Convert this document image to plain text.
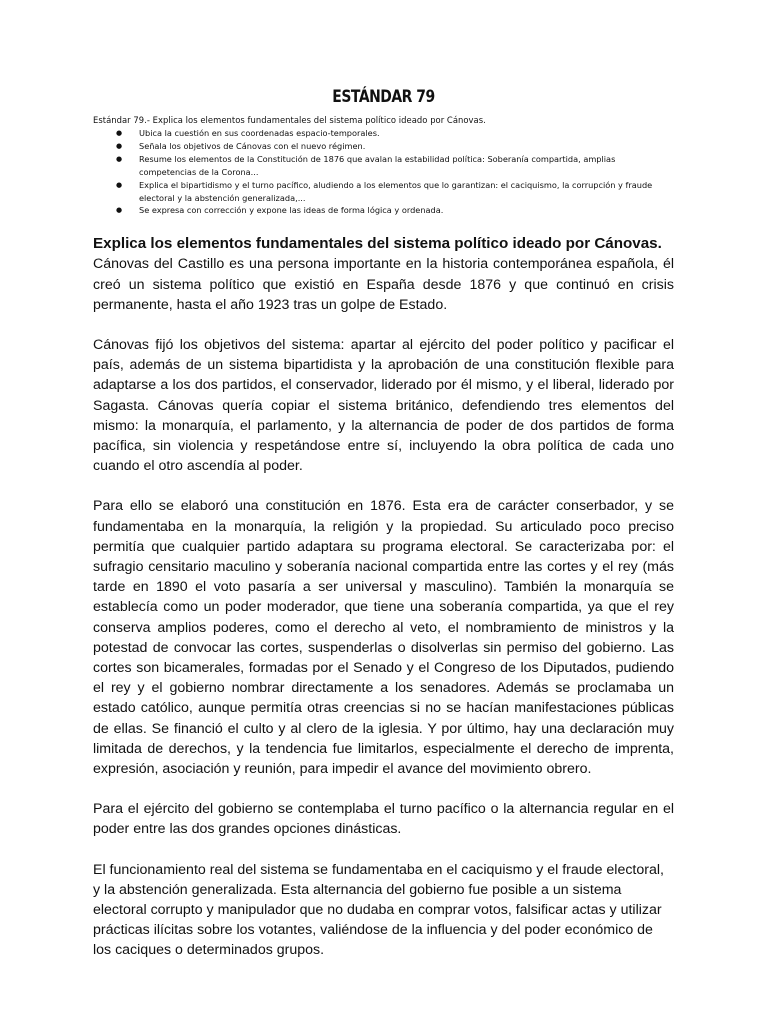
ESTÁNDAR 79

Estándar 79.- Explica los elementos fundamentales del sistema político ideado por Cánovas.

● Ubica la cuestión en sus coordenadas espacio-temporales.
● Señala los objetivos de Cánovas con el nuevo régimen.
● Resume los elementos de la Constitución de 1876 que avalan la estabilidad política: Soberanía compartida, amplias competencias de la Corona...
● Explica el bipartidismo y el turno pacífico, aludiendo a los elementos que lo garantizan: el caciquismo, la corrupción y fraude electoral y la abstención generalizada,...
● Se expresa con corrección y expone las ideas de forma lógica y ordenada.
Explica los elementos fundamentales del sistema político ideado por Cánovas.

Cánovas del Castillo es una persona importante en la historia contemporánea española, él creó un sistema político que existió en España desde 1876 y que continuó en crisis permanente, hasta el año 1923 tras un golpe de Estado.

Cánovas fijó los objetivos del sistema: apartar al ejército del poder político y pacificar el país, además de un sistema bipartidista y la aprobación de una constitución flexible para adaptarse a los dos partidos, el conservador, liderado por él mismo, y el liberal, liderado por Sagasta. Cánovas quería copiar el sistema británico, defendiendo tres elementos del mismo: la monarquía, el parlamento, y la alternancia de poder de dos partidos de forma pacífica, sin violencia y respetándose entre sí, incluyendo la obra política de cada uno cuando el otro ascendía al poder.

Para ello se elaboró una constitución en 1876. Esta era de carácter conserbador, y se fundamentaba en la monarquía, la religión y la propiedad. Su articulado poco preciso permitía que cualquier partido adaptara su programa electoral. Se caracterizaba por: el sufragio censitario maculino y soberanía nacional compartida entre las cortes y el rey (más tarde en 1890 el voto pasaría a ser universal y masculino). También la monarquía se establecía como un poder moderador, que tiene una soberanía compartida, ya que el rey conserva amplios poderes, como el derecho al veto, el nombramiento de ministros y la potestad de convocar las cortes, suspenderlas o disolverlas sin permiso del gobierno. Las cortes son bicamerales, formadas por el Senado y el Congreso de los Diputados, pudiendo el rey y el gobierno nombrar directamente a los senadores. Además se proclamaba un estado católico, aunque permitía otras creencias si no se hacían manifestaciones públicas de ellas. Se financió el culto y al clero de la iglesia. Y por último, hay una declaración muy limitada de derechos, y la tendencia fue limitarlos, especialmente el derecho de imprenta, expresión, asociación y reunión, para impedir el avance del movimiento obrero.

Para el ejército del gobierno se contemplaba el turno pacífico o la alternancia regular en el poder entre las dos grandes opciones dinásticas.

El funcionamiento real del sistema se fundamentaba en el caciquismo y el fraude electoral, y la abstención generalizada. Esta alternancia del gobierno fue posible a un sistema electoral corrupto y manipulador que no dudaba en comprar votos, falsificar actas y utilizar prácticas ilícitas sobre los votantes, valiéndose de la influencia y del poder económico de los caciques o determinados grupos.
